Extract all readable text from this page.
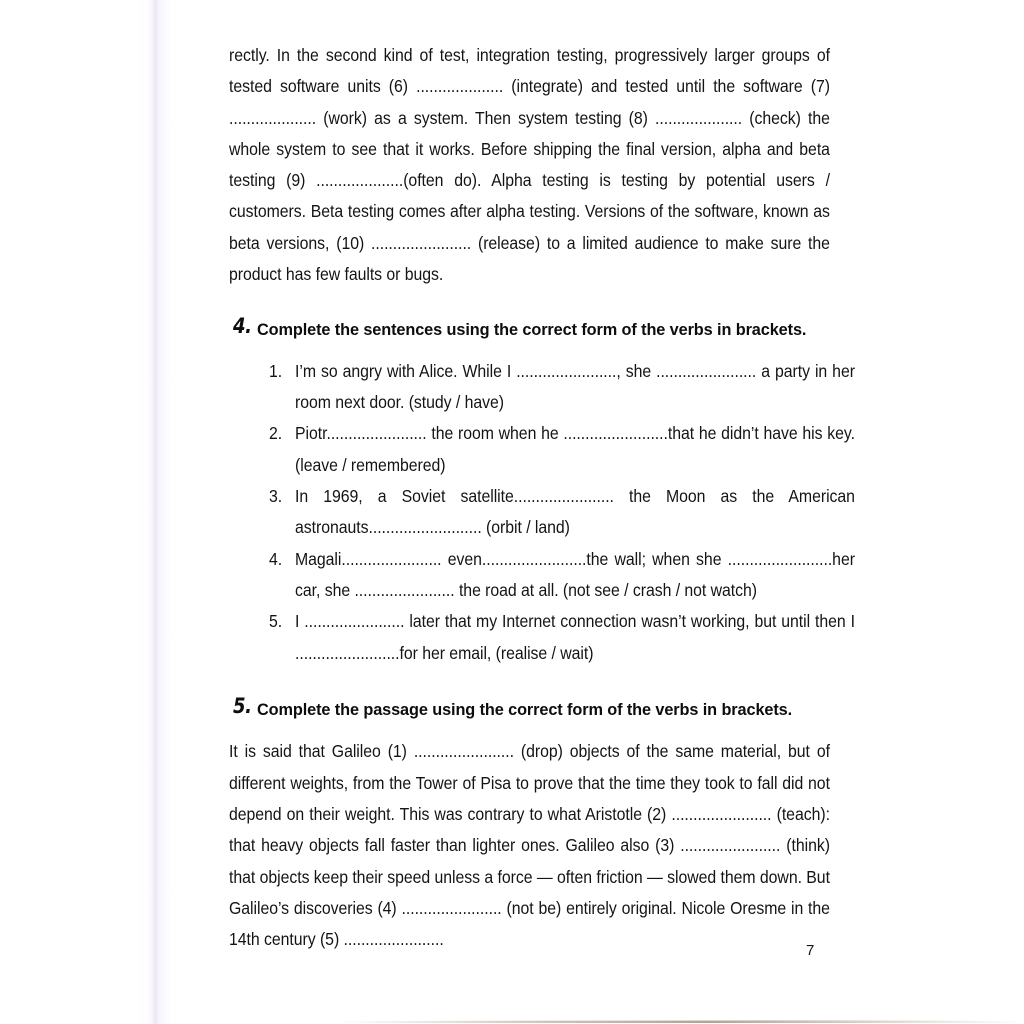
rectly. In the second kind of test, integration testing, progressively larger groups of tested software units (6) .................... (integrate) and tested until the software (7) .................... (work) as a system. Then system testing (8) .................... (check) the whole system to see that it works. Before shipping the final version, alpha and beta testing (9) ....................(often do). Alpha testing is testing by potential users / customers. Beta testing comes after alpha testing. Versions of the software, known as beta versions, (10) ....................... (release) to a limited audience to make sure the product has few faults or bugs.

4. Complete the sentences using the correct form of the verbs in brackets.
1. I’m so angry with Alice. While I ......................., she ....................... a party in her room next door. (study / have)
2. Piotr....................... the room when he ........................that he didn’t have his key. (leave / remembered)
3. In 1969, a Soviet satellite....................... the Moon as the American astronauts.......................... (orbit / land)
4. Magali....................... even........................the wall; when she ........................her car, she ....................... the road at all. (not see / crash / not watch)
5. I ....................... later that my Internet connection wasn’t working, but until then I ........................for her email, (realise / wait)
5. Complete the passage using the correct form of the verbs in brackets.

It is said that Galileo (1) ....................... (drop) objects of the same material, but of different weights, from the Tower of Pisa to prove that the time they took to fall did not depend on their weight. This was contrary to what Aristotle (2) ....................... (teach): that heavy objects fall faster than lighter ones. Galileo also (3) ....................... (think) that objects keep their speed unless a force — often friction — slowed them down. But Galileo’s discoveries (4) ....................... (not be) entirely original. Nicole Oresme in the 14th century (5) .......................

7
